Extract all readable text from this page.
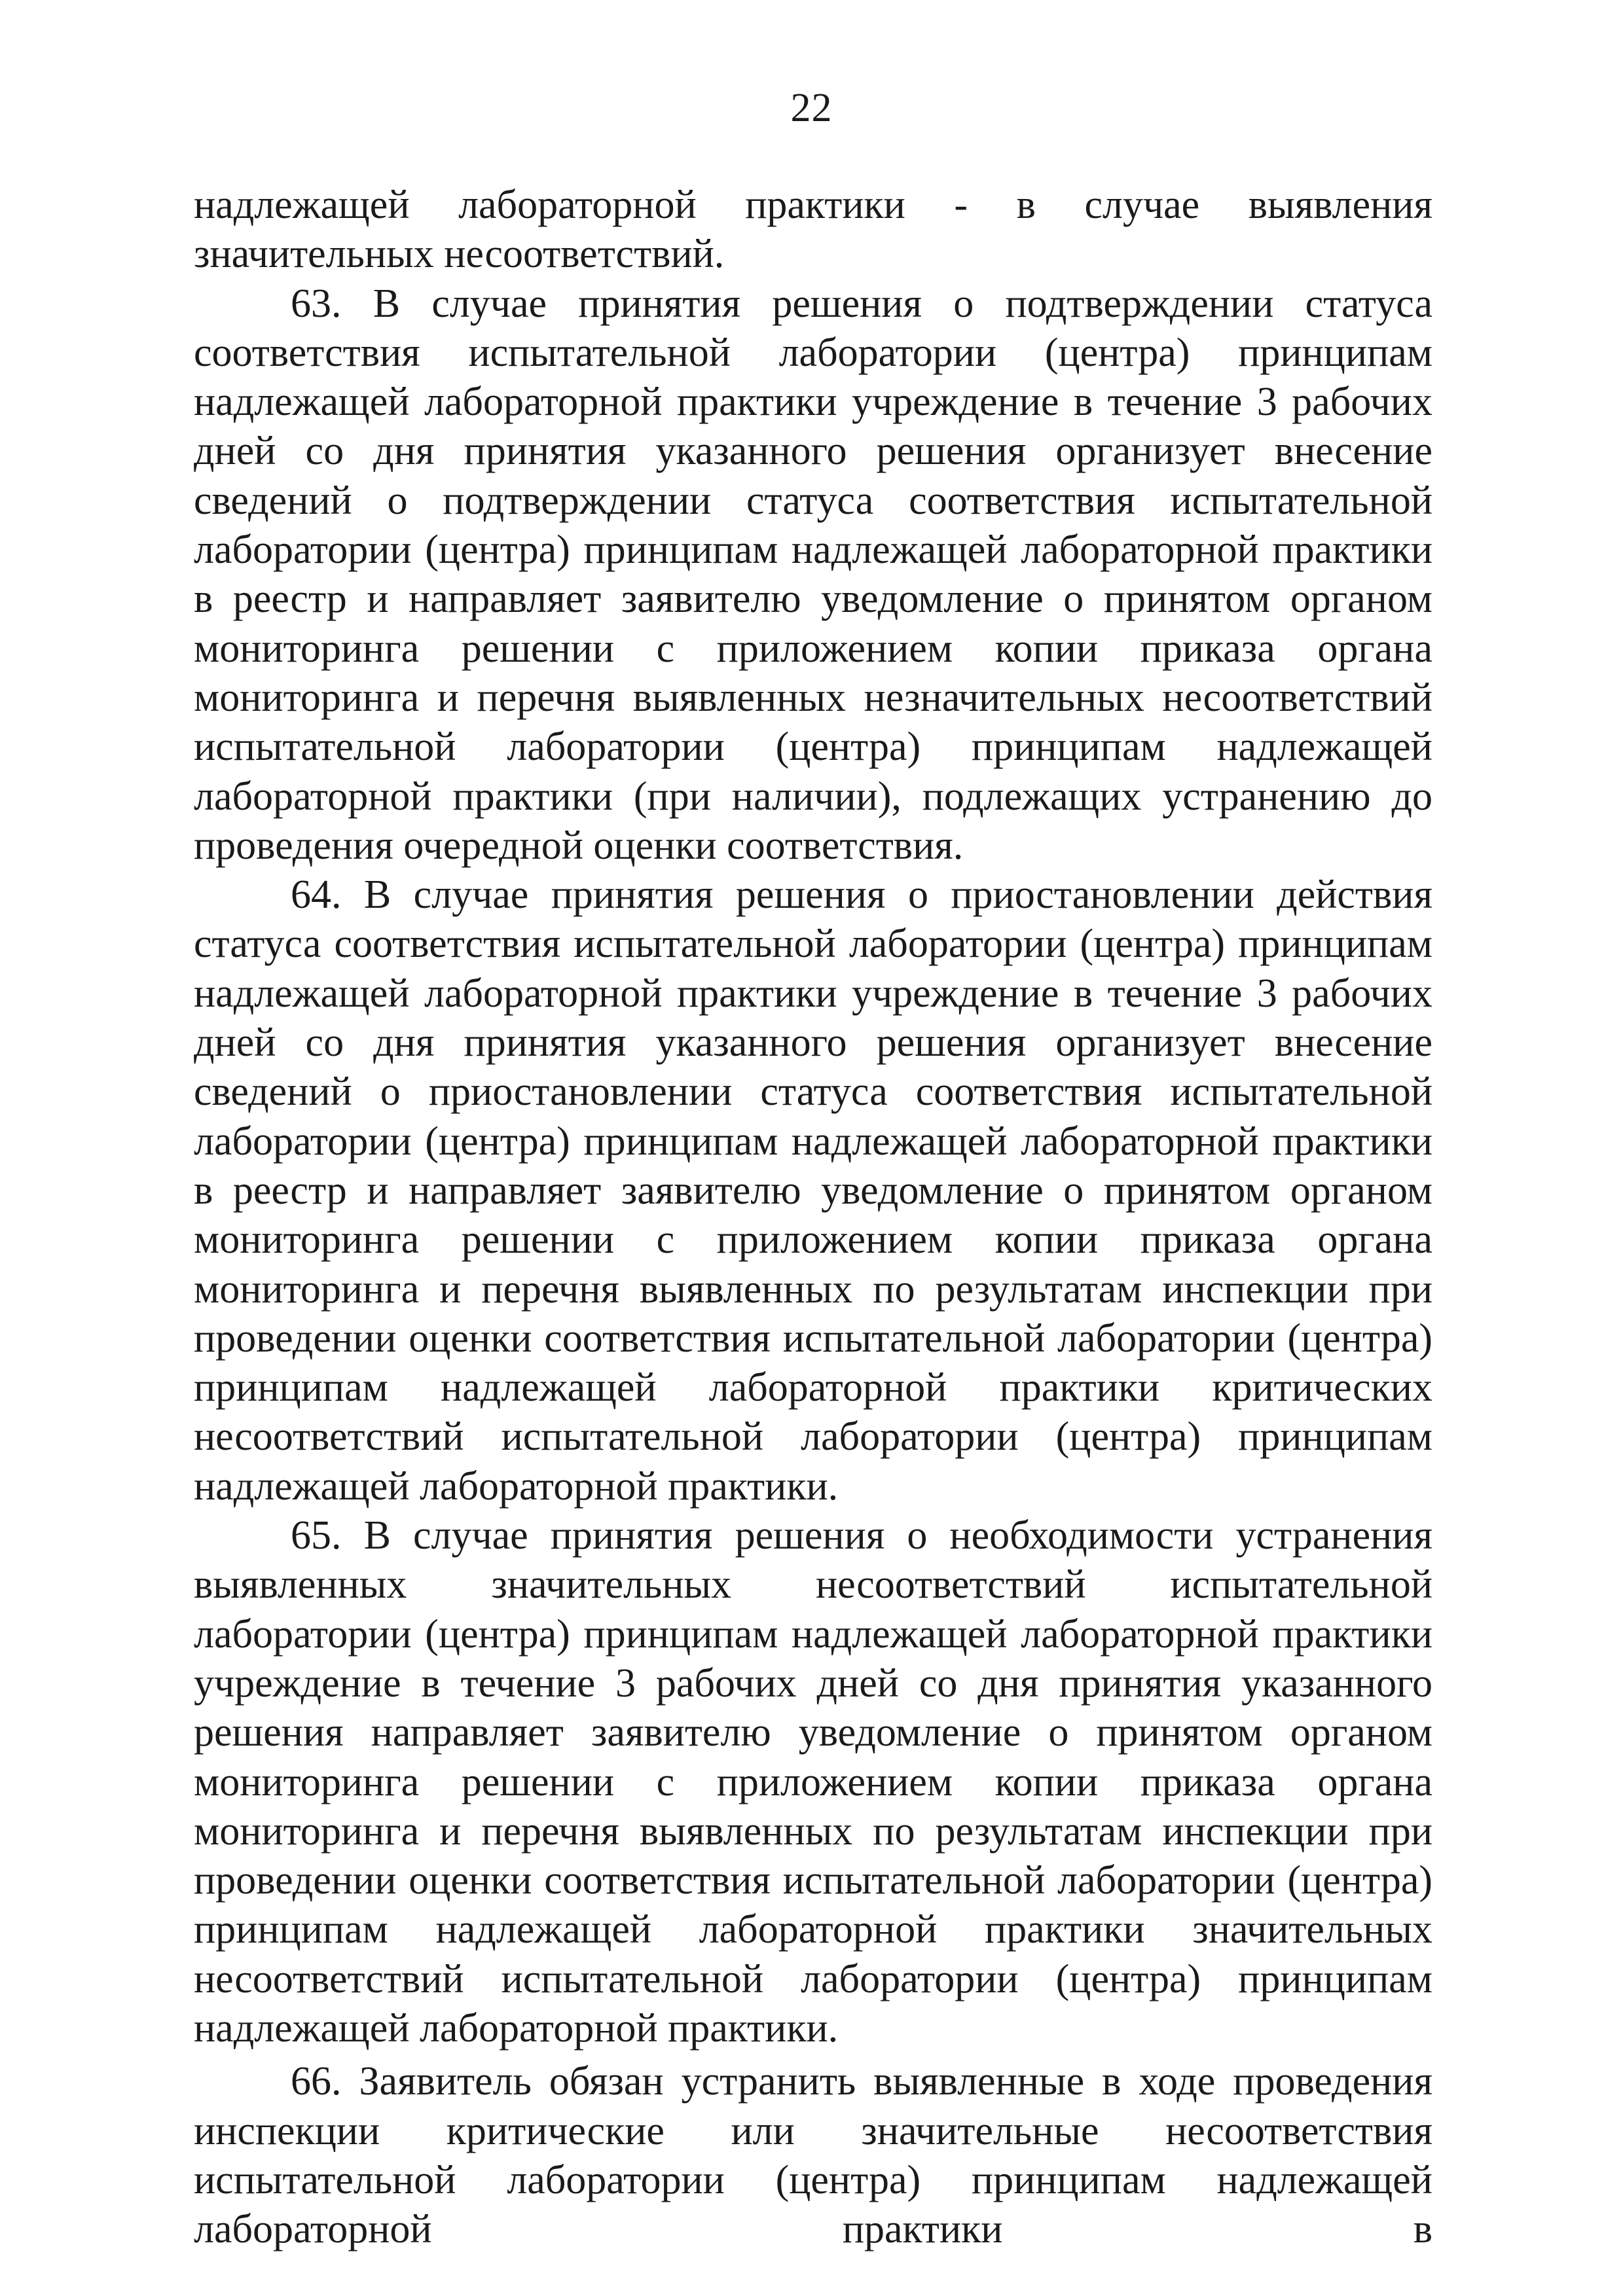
22

надлежащей лабораторной практики - в случае выявления значительных несоответствий.

63. В случае принятия решения о подтверждении статуса соответствия испытательной лаборатории (центра) принципам надлежащей лабораторной практики учреждение в течение 3 рабочих дней со дня принятия указанного решения организует внесение сведений о подтверждении статуса соответствия испытательной лаборатории (центра) принципам надлежащей лабораторной практики в реестр и направляет заявителю уведомление о принятом органом мониторинга решении с приложением копии приказа органа мониторинга и перечня выявленных незначительных несоответствий испытательной лаборатории (центра) принципам надлежащей лабораторной практики (при наличии), подлежащих устранению до проведения очередной оценки соответствия.

64. В случае принятия решения о приостановлении действия статуса соответствия испытательной лаборатории (центра) принципам надлежащей лабораторной практики учреждение в течение 3 рабочих дней со дня принятия указанного решения организует внесение сведений о приостановлении статуса соответствия испытательной лаборатории (центра) принципам надлежащей лабораторной практики в реестр и направляет заявителю уведомление о принятом органом мониторинга решении с приложением копии приказа органа мониторинга и перечня выявленных по результатам инспекции при проведении оценки соответствия испытательной лаборатории (центра) принципам надлежащей лабораторной практики критических несоответствий испытательной лаборатории (центра) принципам надлежащей лабораторной практики.

65. В случае принятия решения о необходимости устранения выявленных значительных несоответствий испытательной лаборатории (центра) принципам надлежащей лабораторной практики учреждение в течение 3 рабочих дней со дня принятия указанного решения направляет заявителю уведомление о принятом органом мониторинга решении с приложением копии приказа органа мониторинга и перечня выявленных по результатам инспекции при проведении оценки соответствия испытательной лаборатории (центра) принципам надлежащей лабораторной практики значительных несоответствий испытательной лаборатории (центра) принципам надлежащей лабораторной практики.

66. Заявитель обязан устранить выявленные в ходе проведения инспекции критические или значительные несоответствия испытательной лаборатории (центра) принципам надлежащей лабораторной практики в
